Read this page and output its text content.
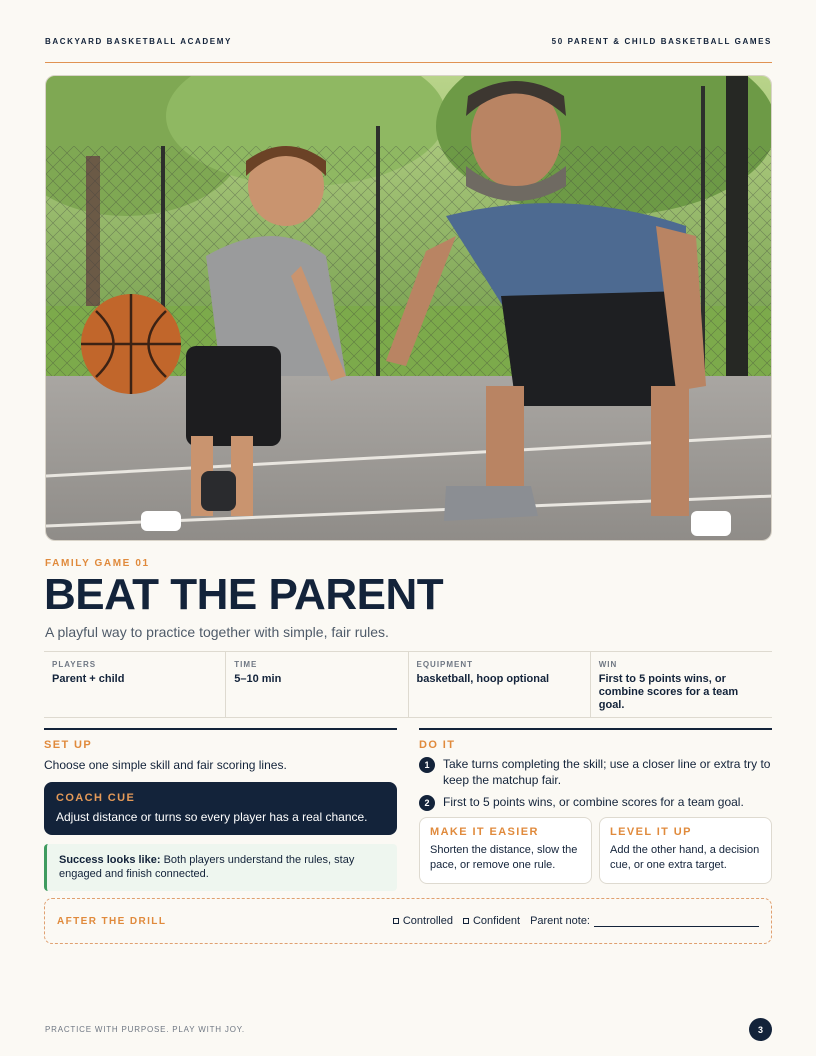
BACKYARD BASKETBALL ACADEMY	50 PARENT & CHILD BASKETBALL GAMES
FAMILY GAME 01
BEAT THE PARENT
A playful way to practice together with simple, fair rules.
PLAYERS
Parent + child
TIME
5–10 min
EQUIPMENT
basketball, hoop optional
WIN
First to 5 points wins, or combine scores for a team goal.
SET UP
Choose one simple skill and fair scoring lines.
COACH CUE
Adjust distance or turns so every player has a real chance.
Success looks like: Both players understand the rules, stay engaged and finish connected.
DO IT
1	Take turns completing the skill; use a closer line or extra try to keep the matchup fair.
2	First to 5 points wins, or combine scores for a team goal.
MAKE IT EASIER
Shorten the distance, slow the pace, or remove one rule.
LEVEL IT UP
Add the other hand, a decision cue, or one extra target.
AFTER THE DRILL	Controlled Confident Parent note:
PRACTICE WITH PURPOSE. PLAY WITH JOY.	3
